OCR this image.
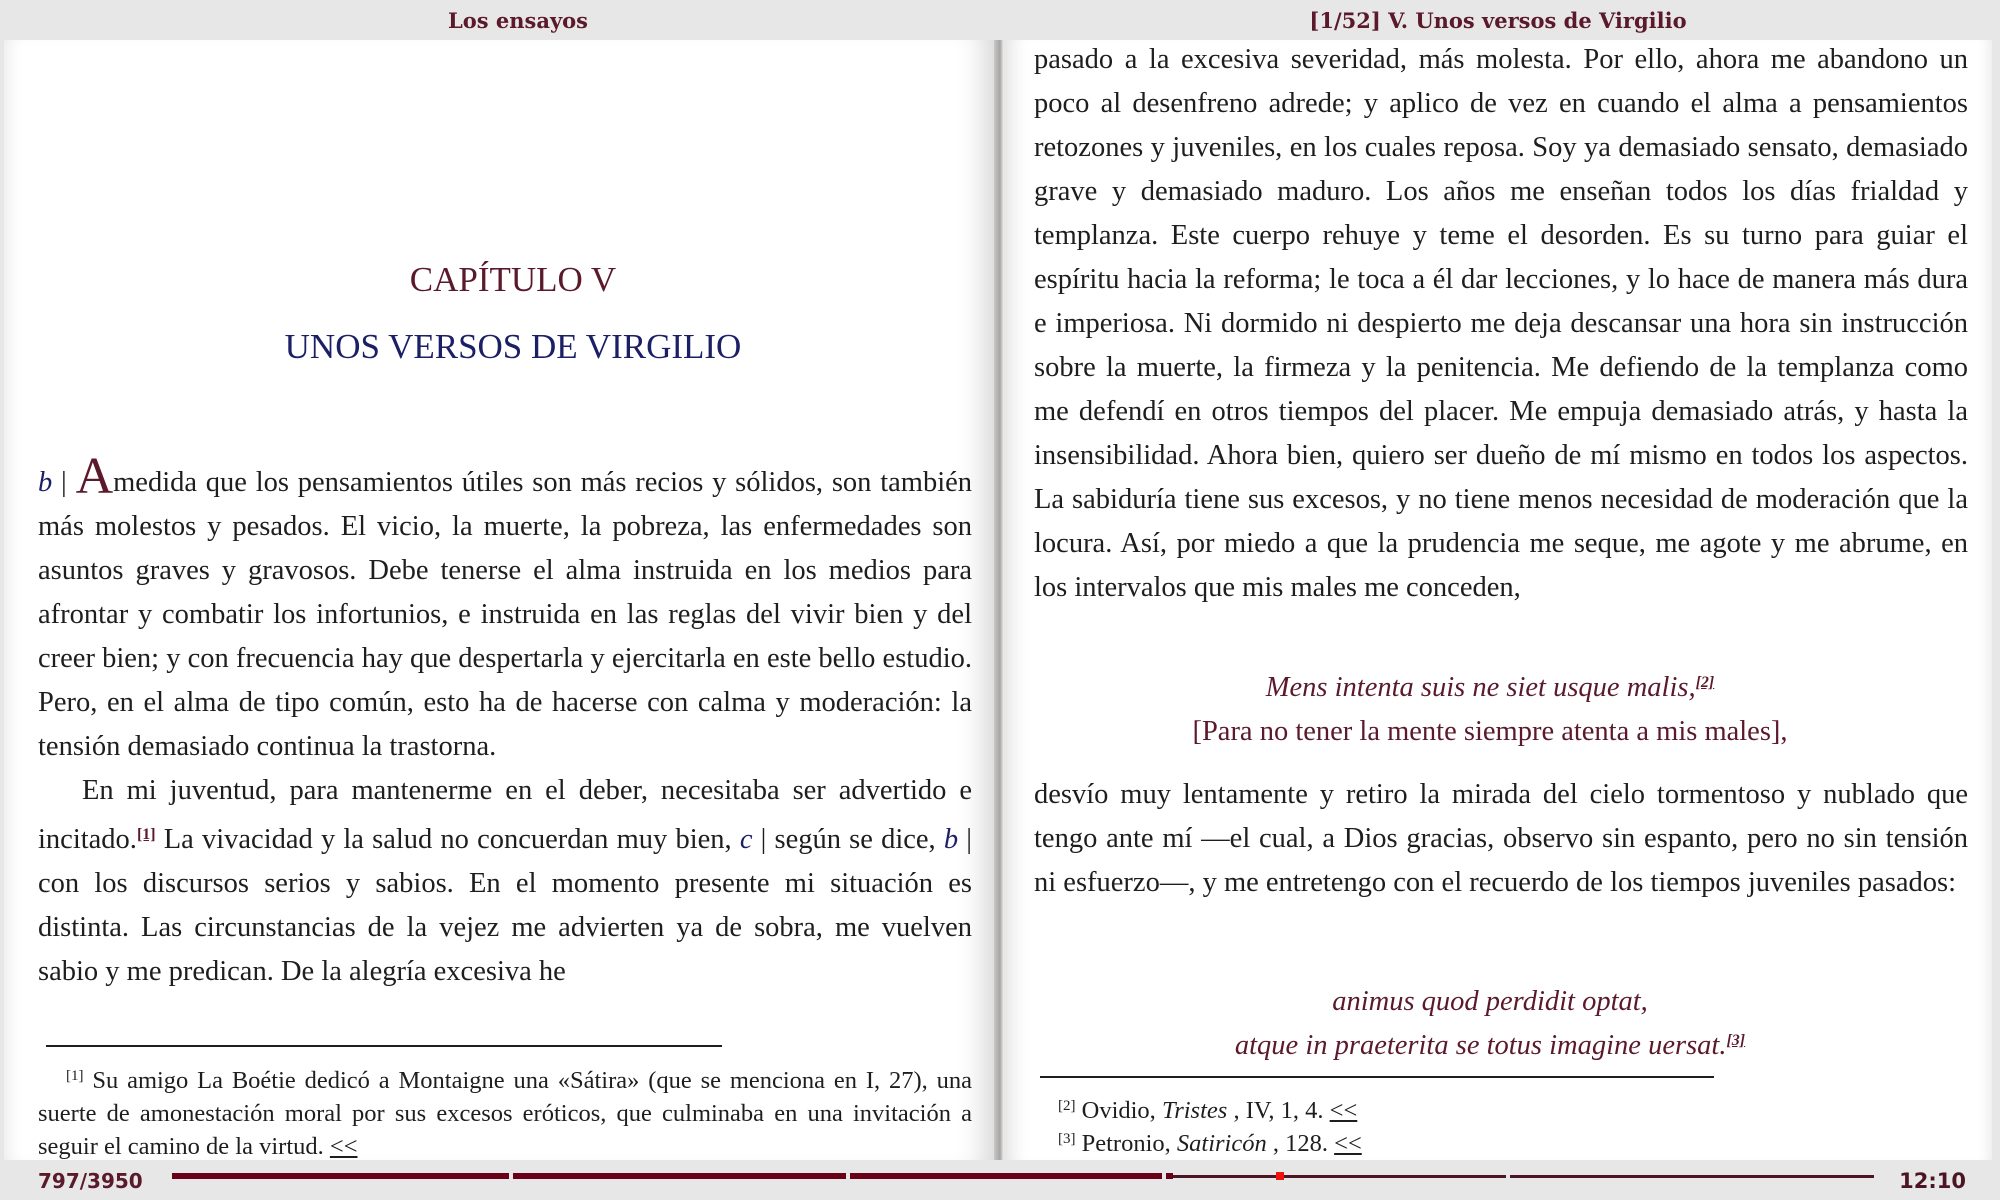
Los ensayos	[1/52] V. Unos versos de Virgilio
CAPÍTULO V
UNOS VERSOS DE VIRGILIO

b | Amedida que los pensamientos útiles son más recios y sólidos, son también más molestos y pesados. El vicio, la muerte, la pobreza, las enfermedades son asuntos graves y gravosos. Debe tenerse el alma instruida en los medios para afrontar y combatir los infortunios, e instruida en las reglas del vivir bien y del creer bien; y con frecuencia hay que despertarla y ejercitarla en este bello estudio. Pero, en el alma de tipo común, esto ha de hacerse con calma y moderación: la tensión demasiado continua la trastorna.

En mi juventud, para mantenerme en el deber, necesitaba ser advertido e incitado.[1] La vivacidad y la salud no concuerdan muy bien, c | según se dice, b | con los discursos serios y sabios. En el momento presente mi situación es distinta. Las circunstancias de la vejez me advierten ya de sobra, me vuelven sabio y me predican. De la alegría excesiva he

[1] Su amigo La Boétie dedicó a Montaigne una «Sátira» (que se menciona en I, 27), una suerte de amonestación moral por sus excesos eróticos, que culminaba en una invitación a seguir el camino de la virtud. <<

pasado a la excesiva severidad, más molesta. Por ello, ahora me abandono un poco al desenfreno adrede; y aplico de vez en cuando el alma a pensamientos retozones y juveniles, en los cuales reposa. Soy ya demasiado sensato, demasiado grave y demasiado maduro. Los años me enseñan todos los días frialdad y templanza. Este cuerpo rehuye y teme el desorden. Es su turno para guiar el espíritu hacia la reforma; le toca a él dar lecciones, y lo hace de manera más dura e imperiosa. Ni dormido ni despierto me deja descansar una hora sin instrucción sobre la muerte, la firmeza y la penitencia. Me defiendo de la templanza como me defendí en otros tiempos del placer. Me empuja demasiado atrás, y hasta la insensibilidad. Ahora bien, quiero ser dueño de mí mismo en todos los aspectos. La sabiduría tiene sus excesos, y no tiene menos necesidad de moderación que la locura. Así, por miedo a que la prudencia me seque, me agote y me abrume, en los intervalos que mis males me conceden,

Mens intenta suis ne siet usque malis,[2]
[Para no tener la mente siempre atenta a mis males],

desvío muy lentamente y retiro la mirada del cielo tormentoso y nublado que tengo ante mí —el cual, a Dios gracias, observo sin espanto, pero no sin tensión ni esfuerzo—, y me entretengo con el recuerdo de los tiempos juveniles pasados:

animus quod perdidit optat,
atque in praeterita se totus imagine uersat.[3]
[2] Ovidio, Tristes , IV, 1, 4. <<
[3] Petronio, Satiricón , 128. <<
797/3950	12:10
